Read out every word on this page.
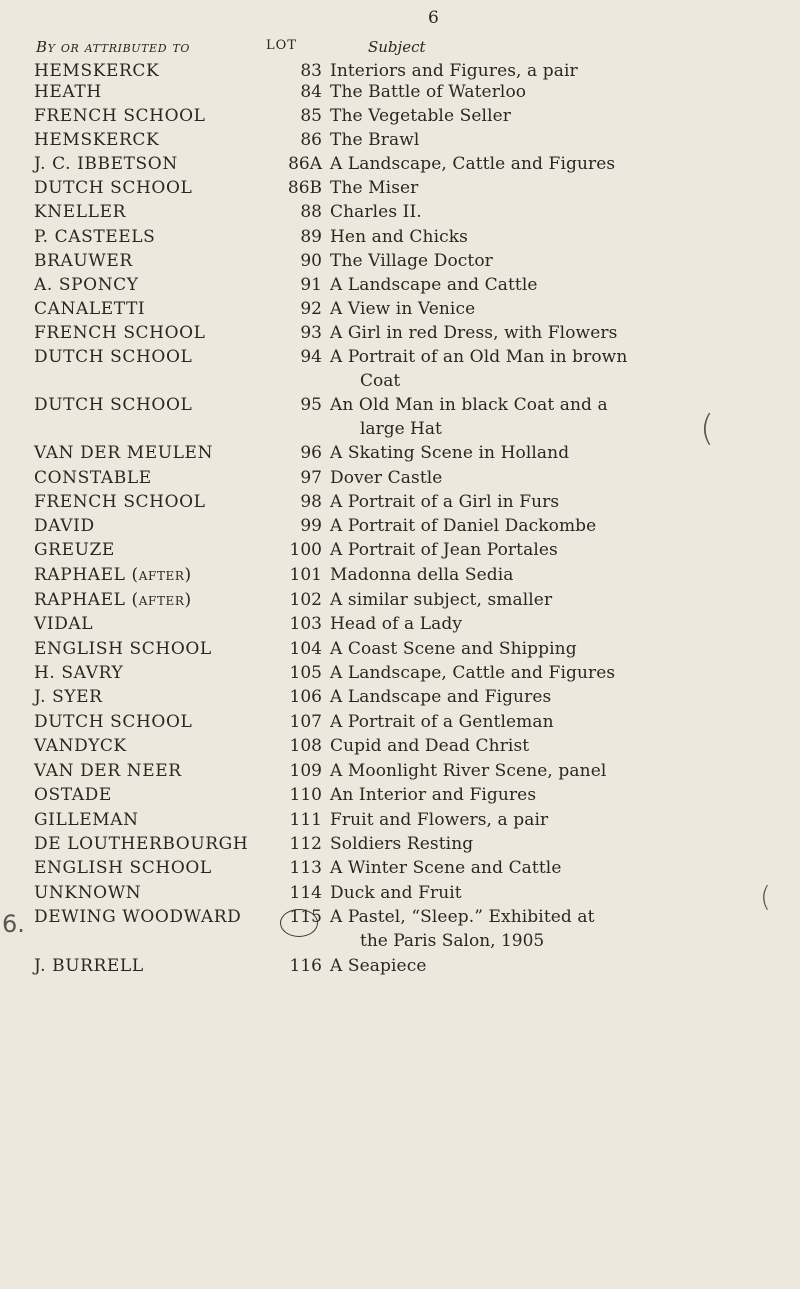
6
By or attributed to	LOT	Subject
HEMSKERCK	83 Interiors and Figures, a pair
HEATH	84 The Battle of Waterloo
FRENCH SCHOOL	85 The Vegetable Seller
HEMSKERCK	86 The Brawl
J. C. IBBETSON	86A A Landscape, Cattle and Figures
DUTCH SCHOOL	86B The Miser
KNELLER	88 Charles II.
P. CASTEELS	89 Hen and Chicks
BRAUWER	90 The Village Doctor
A. SPONCY	91 A Landscape and Cattle
CANALETTI	92 A View in Venice
FRENCH SCHOOL	93 A Girl in red Dress, with Flowers
DUTCH SCHOOL	94 A Portrait of an Old Man in brown
Coat
DUTCH SCHOOL	95 An Old Man in black Coat and a
large Hat
VAN DER MEULEN	96 A Skating Scene in Holland
CONSTABLE	97 Dover Castle
FRENCH SCHOOL	98 A Portrait of a Girl in Furs
DAVID	99 A Portrait of Daniel Dackombe
GREUZE	100 A Portrait of Jean Portales
RAPHAEL (after)	101 Madonna della Sedia
RAPHAEL (after)	102 A similar subject, smaller
VIDAL	103 Head of a Lady
ENGLISH SCHOOL	104 A Coast Scene and Shipping
H. SAVRY	105 A Landscape, Cattle and Figures
J. SYER	106 A Landscape and Figures
DUTCH SCHOOL	107 A Portrait of a Gentleman
VANDYCK	108 Cupid and Dead Christ
VAN DER NEER	109 A Moonlight River Scene, panel
OSTADE	110 An Interior and Figures
GILLEMAN	111 Fruit and Flowers, a pair
DE LOUTHERBOURGH	112 Soldiers Resting
ENGLISH SCHOOL	113 A Winter Scene and Cattle
UNKNOWN	114 Duck and Fruit
DEWING WOODWARD	115 A Pastel, “Sleep.” Exhibited at
the Paris Salon, 1905
J. BURRELL	116 A Seapiece
6.
(
(
